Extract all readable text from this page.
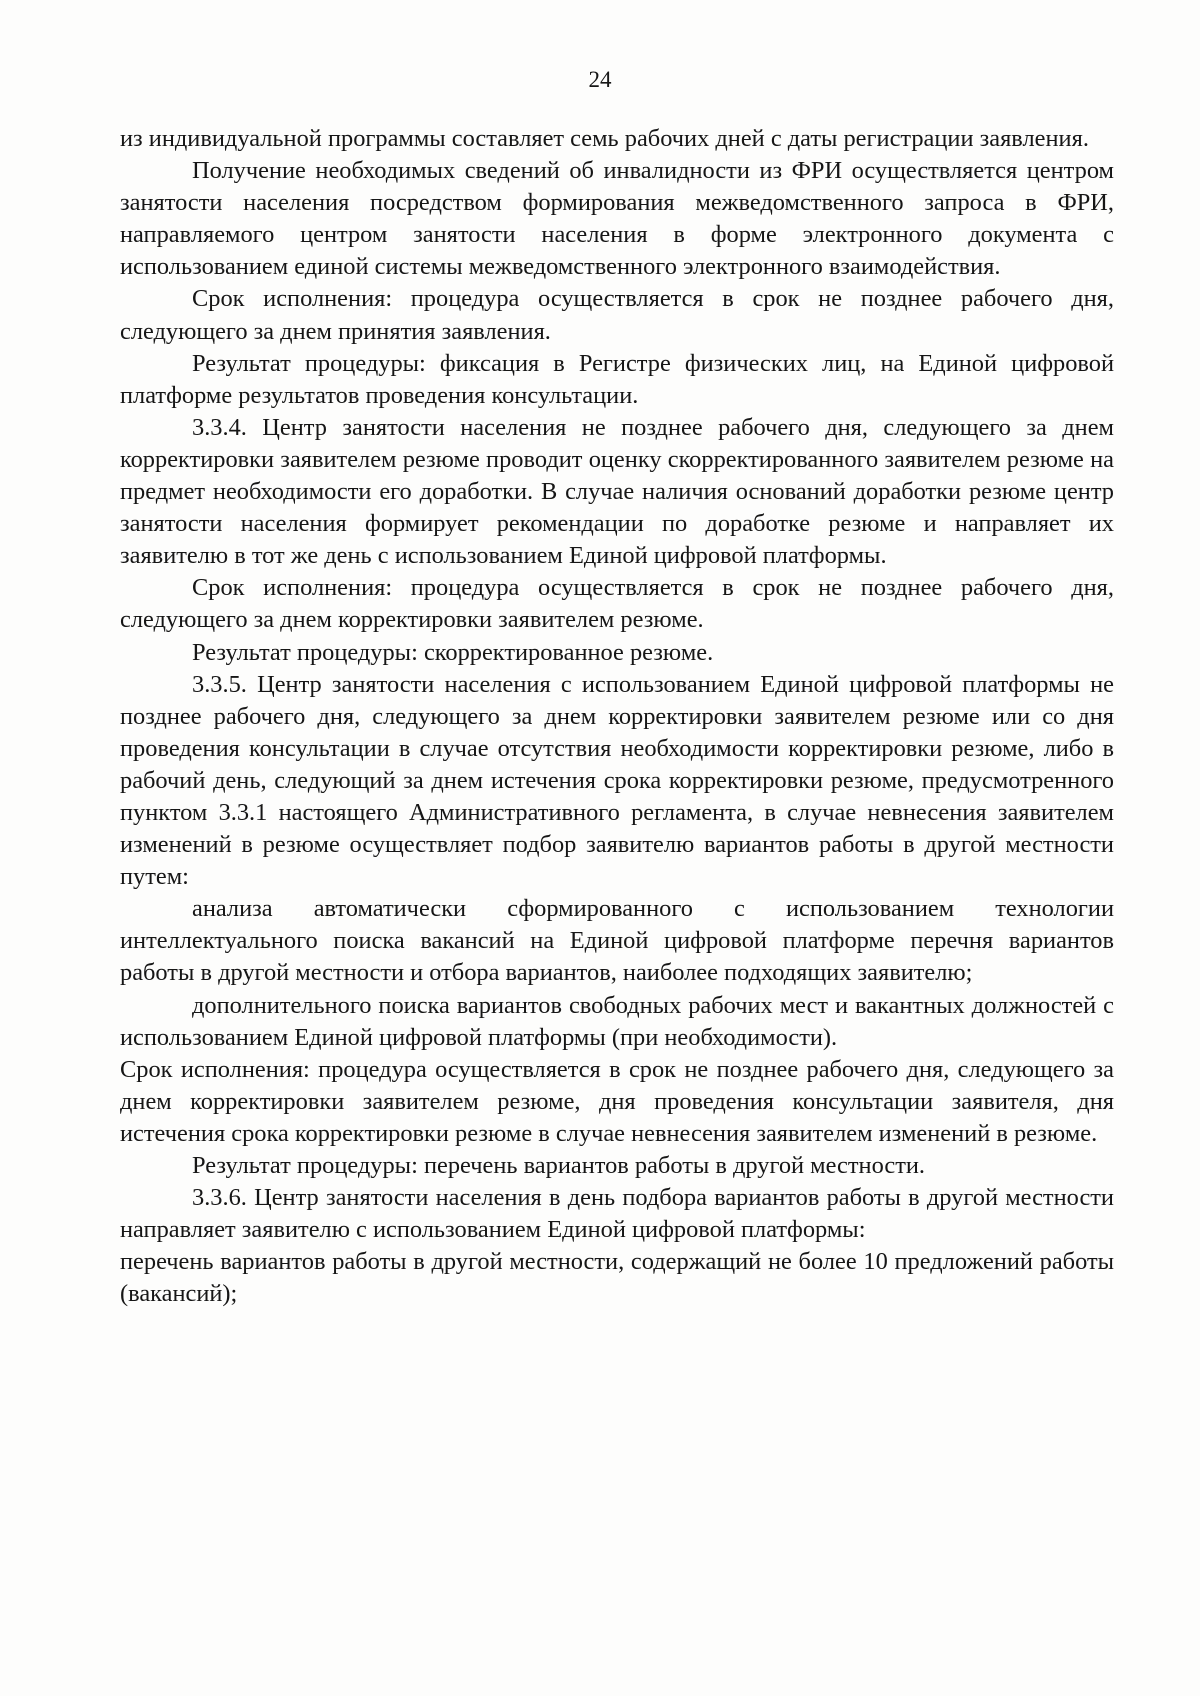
24

из индивидуальной программы составляет семь рабочих дней с даты регистрации заявления.

Получение необходимых сведений об инвалидности из ФРИ осуществляется центром занятости населения посредством формирования межведомственного запроса в ФРИ, направляемого центром занятости населения в форме электронного документа с использованием единой системы межведомственного электронного взаимодействия.

Срок исполнения: процедура осуществляется в срок не позднее рабочего дня, следующего за днем принятия заявления.

Результат процедуры: фиксация в Регистре физических лиц, на Единой цифровой платформе результатов проведения консультации.

3.3.4. Центр занятости населения не позднее рабочего дня, следующего за днем корректировки заявителем резюме проводит оценку скорректированного заявителем резюме на предмет необходимости его доработки. В случае наличия оснований доработки резюме центр занятости населения формирует рекомендации по доработке резюме и направляет их заявителю в тот же день с использованием Единой цифровой платформы.

Срок исполнения: процедура осуществляется в срок не позднее рабочего дня, следующего за днем корректировки заявителем резюме.

Результат процедуры: скорректированное резюме.

3.3.5. Центр занятости населения с использованием Единой цифровой платформы не позднее рабочего дня, следующего за днем корректировки заявителем резюме или со дня проведения консультации в случае отсутствия необходимости корректировки резюме, либо в рабочий день, следующий за днем истечения срока корректировки резюме, предусмотренного пунктом 3.3.1 настоящего Административного регламента, в случае невнесения заявителем изменений в резюме осуществляет подбор заявителю вариантов работы в другой местности путем:

анализа автоматически сформированного с использованием технологии интеллектуального поиска вакансий на Единой цифровой платформе перечня вариантов работы в другой местности и отбора вариантов, наиболее подходящих заявителю;

дополнительного поиска вариантов свободных рабочих мест и вакантных должностей с использованием Единой цифровой платформы (при необходимости).

Срок исполнения: процедура осуществляется в срок не позднее рабочего дня, следующего за днем корректировки заявителем резюме, дня проведения консультации заявителя, дня истечения срока корректировки резюме в случае невнесения заявителем изменений в резюме.

Результат процедуры: перечень вариантов работы в другой местности.

3.3.6. Центр занятости населения в день подбора вариантов работы в другой местности направляет заявителю с использованием Единой цифровой платформы:

перечень вариантов работы в другой местности, содержащий не более 10 предложений работы (вакансий);
